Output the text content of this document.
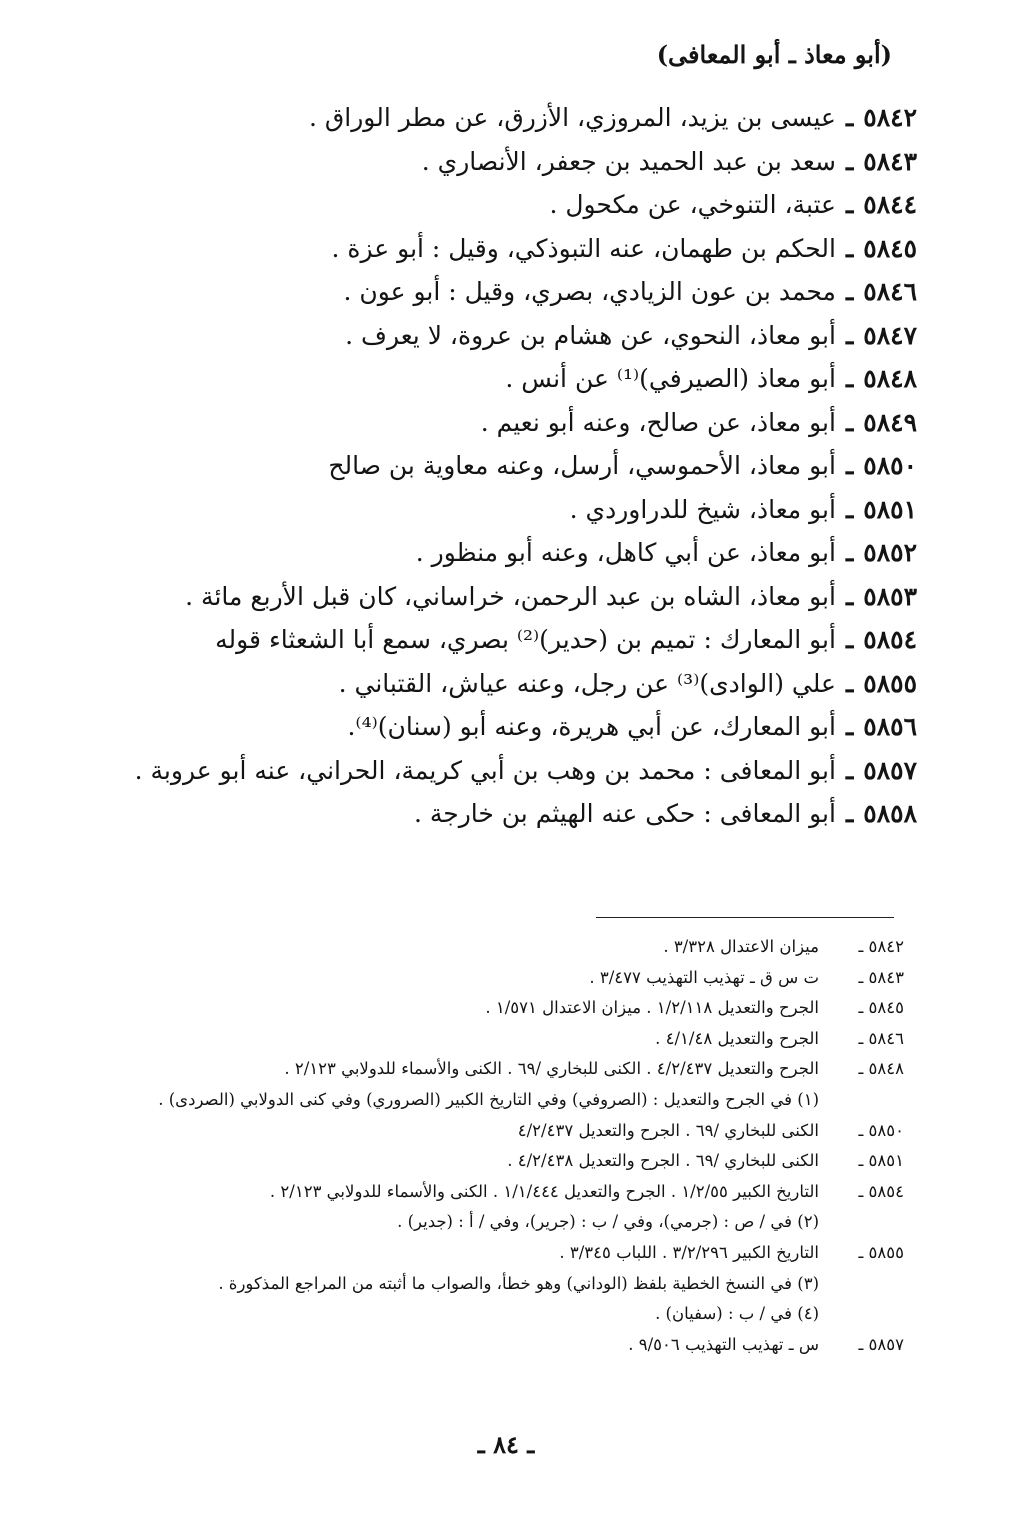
(أبو معاذ ـ أبو المعافى)
٥٨٤٢
ـ
عيسى بن يزيد، المروزي، الأزرق، عن مطر الوراق .
٥٨٤٣
ـ
سعد بن عبد الحميد بن جعفر، الأنصاري .
٥٨٤٤
ـ
عتبة، التنوخي، عن مكحول .
٥٨٤٥
ـ
الحكم بن طهمان، عنه التبوذكي، وقيل : أبو عزة .
٥٨٤٦
ـ
محمد بن عون الزيادي، بصري، وقيل : أبو عون .
٥٨٤٧
ـ
أبو معاذ، النحوي، عن هشام بن عروة، لا يعرف .
٥٨٤٨
ـ
أبو معاذ (الصيرفي)⁽¹⁾ عن أنس .
٥٨٤٩
ـ
أبو معاذ، عن صالح، وعنه أبو نعيم .
٥٨٥٠
ـ
أبو معاذ، الأحموسي، أرسل، وعنه معاوية بن صالح
٥٨٥١
ـ
أبو معاذ، شيخ للدراوردي .
٥٨٥٢
ـ
أبو معاذ، عن أبي كاهل، وعنه أبو منظور .
٥٨٥٣
ـ
أبو معاذ، الشاه بن عبد الرحمن، خراساني، كان قبل الأربع مائة .
٥٨٥٤
ـ
أبو المعارك : تميم بن (حدير)⁽²⁾ بصري، سمع أبا الشعثاء قوله
٥٨٥٥
ـ
علي (الوادى)⁽³⁾ عن رجل، وعنه عياش، القتباني .
٥٨٥٦
ـ
أبو المعارك، عن أبي هريرة، وعنه أبو (سنان)⁽⁴⁾.
٥٨٥٧
ـ
أبو المعافى : محمد بن وهب بن أبي كريمة، الحراني، عنه أبو عروبة .
٥٨٥٨
ـ
أبو المعافى : حكى عنه الهيثم بن خارجة .
٥٨٤٢ ـ
ميزان الاعتدال ٣/٣٢٨ .
٥٨٤٣ ـ
ت س ق ـ تهذيب التهذيب ٣/٤٧٧ .
٥٨٤٥ ـ
الجرح والتعديل ١/٢/١١٨ . ميزان الاعتدال ١/٥٧١ .
٥٨٤٦ ـ
الجرح والتعديل ٤/١/٤٨ .
٥٨٤٨ ـ
الجرح والتعديل ٤/٢/٤٣٧ . الكنى للبخاري /٦٩ . الكنى والأسماء للدولابي ٢/١٢٣ .
(١) في الجرح والتعديل : (الصروفي) وفي التاريخ الكبير (الصروري) وفي كنى الدولابي (الصردى) .
٥٨٥٠ ـ
الكنى للبخاري /٦٩ . الجرح والتعديل ٤/٢/٤٣٧
٥٨٥١ ـ
الكنى للبخاري /٦٩ . الجرح والتعديل ٤/٢/٤٣٨ .
٥٨٥٤ ـ
التاريخ الكبير ١/٢/٥٥ . الجرح والتعديل ١/١/٤٤٤ . الكنى والأسماء للدولابي ٢/١٢٣ .
(٢) في / ص : (جرمي)، وفي / ب : (جرير)، وفي / أ : (جدير) .
٥٨٥٥ ـ
التاريخ الكبير ٣/٢/٢٩٦ . اللباب ٣/٣٤٥ .
(٣) في النسخ الخطية بلفظ (الوداني) وهو خطأ، والصواب ما أثبته من المراجع المذكورة .
(٤) في / ب : (سفيان) .
٥٨٥٧ ـ
س ـ تهذيب التهذيب ٩/٥٠٦ .
ـ ٨٤ ـ
